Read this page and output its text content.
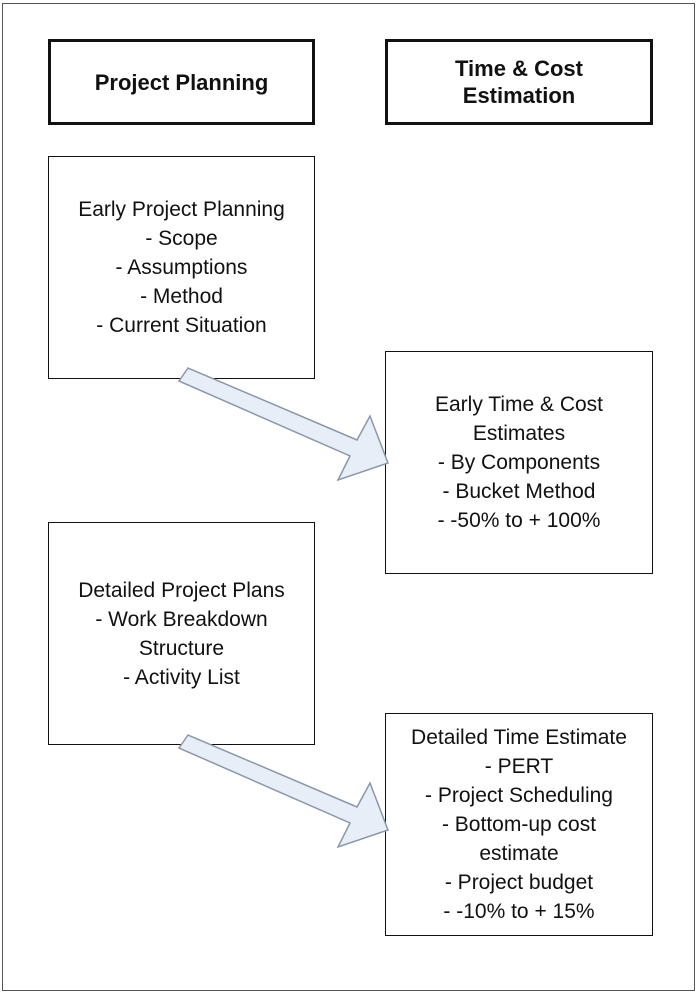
Project Planning
Time & Cost
Estimation
Early Project Planning
- Scope
- Assumptions
- Method
- Current Situation
Early Time & Cost
Estimates
- By Components
- Bucket Method
- -50% to + 100%
Detailed Project Plans
- Work Breakdown
Structure
- Activity List
Detailed Time Estimate
- PERT
- Project Scheduling
- Bottom-up cost
estimate
- Project budget
- -10% to + 15%
